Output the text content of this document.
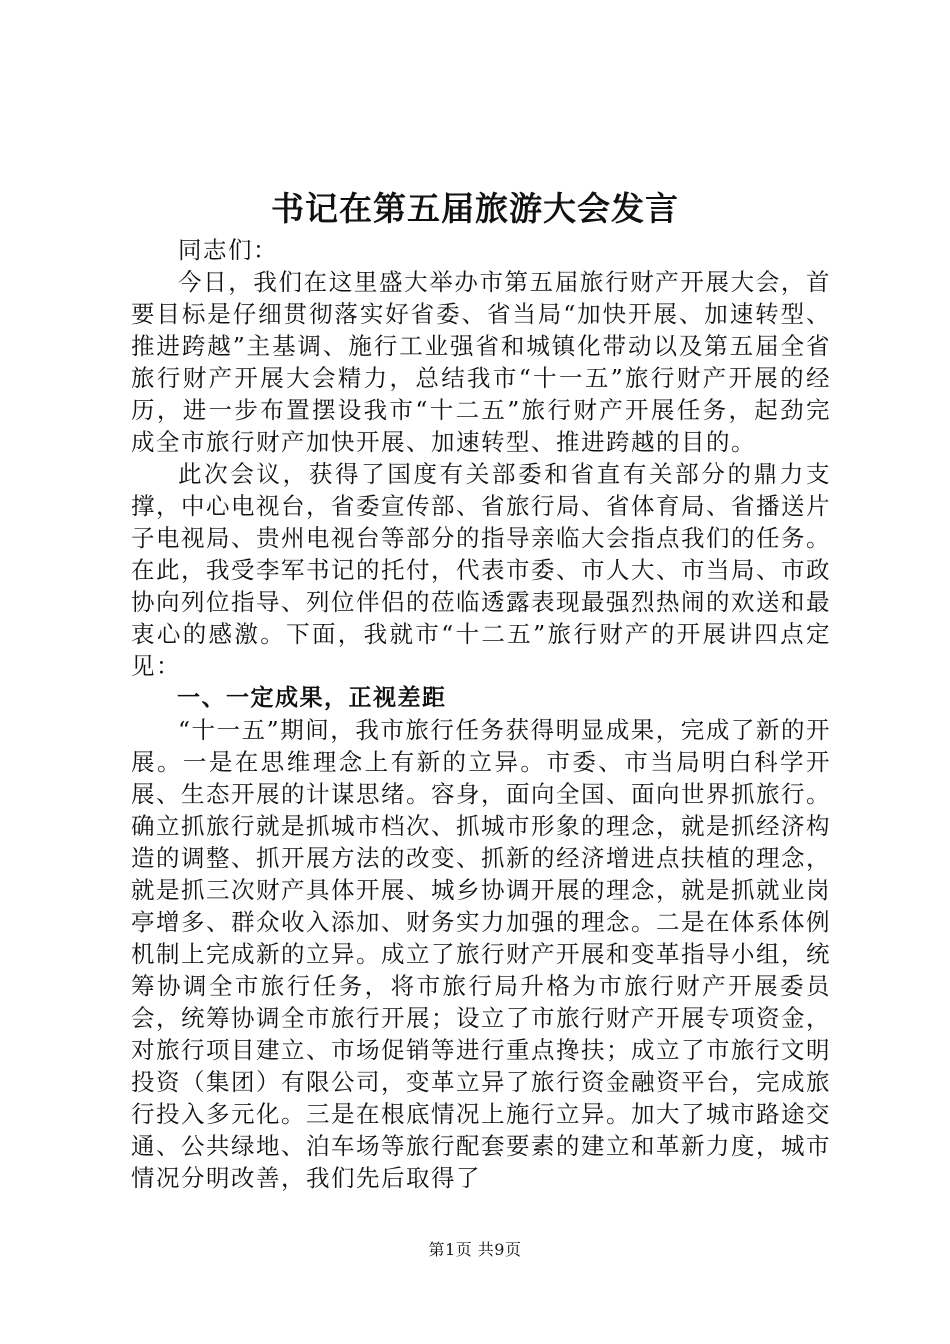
书记在第五届旅游大会发言

同志们：

今日，我们在这里盛大举办市第五届旅行财产开展大会，首要目标是仔细贯彻落实好省委、省当局“加快开展、加速转型、推进跨越”主基调、施行工业强省和城镇化带动以及第五届全省旅行财产开展大会精力，总结我市“十一五”旅行财产开展的经历，进一步布置摆设我市“十二五”旅行财产开展任务，起劲完成全市旅行财产加快开展、加速转型、推进跨越的目的。

此次会议，获得了国度有关部委和省直有关部分的鼎力支撑，中心电视台，省委宣传部、省旅行局、省体育局、省播送片子电视局、贵州电视台等部分的指导亲临大会指点我们的任务。在此，我受李军书记的托付，代表市委、市人大、市当局、市政协向列位指导、列位伴侣的莅临透露表现最强烈热闹的欢送和最衷心的感激。下面，我就市“十二五”旅行财产的开展讲四点定见：

一、一定成果，正视差距

“十一五”期间，我市旅行任务获得明显成果，完成了新的开展。一是在思维理念上有新的立异。市委、市当局明白科学开展、生态开展的计谋思绪。容身，面向全国、面向世界抓旅行。确立抓旅行就是抓城市档次、抓城市形象的理念，就是抓经济构造的调整、抓开展方法的改变、抓新的经济增进点扶植的理念，就是抓三次财产具体开展、城乡协调开展的理念，就是抓就业岗亭增多、群众收入添加、财务实力加强的理念。二是在体系体例机制上完成新的立异。成立了旅行财产开展和变革指导小组，统筹协调全市旅行任务，将市旅行局升格为市旅行财产开展委员会，统筹协调全市旅行开展；设立了市旅行财产开展专项资金，对旅行项目建立、市场促销等进行重点搀扶；成立了市旅行文明投资（集团）有限公司，变革立异了旅行资金融资平台，完成旅行投入多元化。三是在根底情况上施行立异。加大了城市路途交通、公共绿地、泊车场等旅行配套要素的建立和革新力度，城市情况分明改善，我们先后取得了

第1页 共9页
